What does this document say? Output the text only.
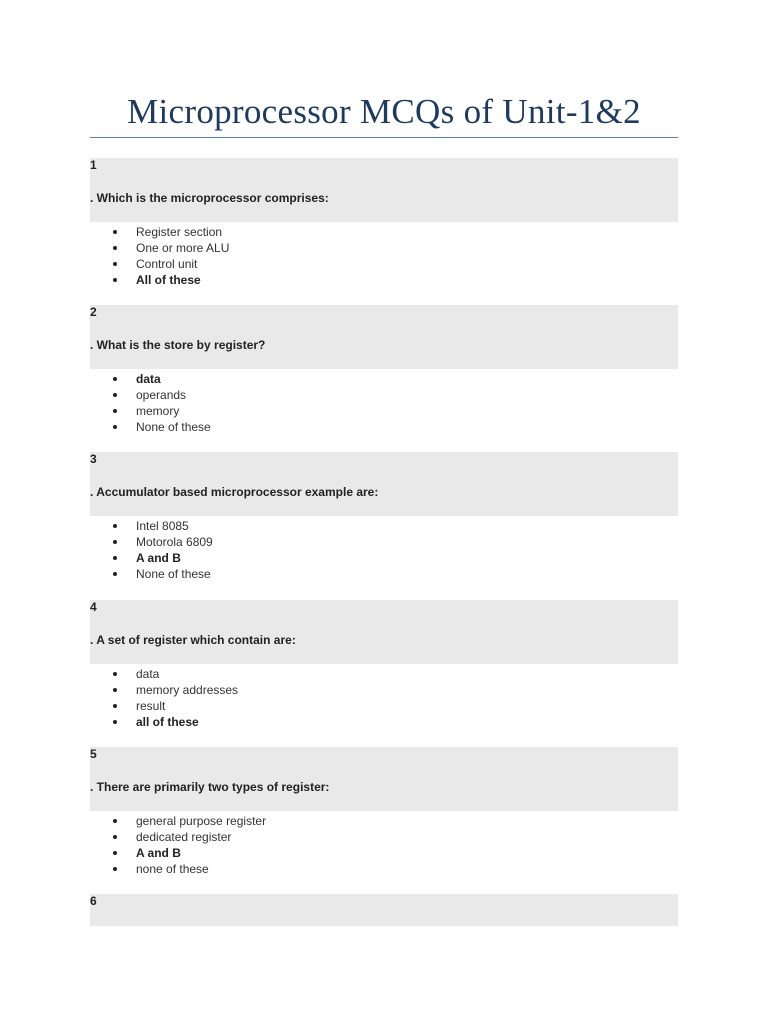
Microprocessor MCQs of Unit-1&2
1
. Which is the microprocessor comprises:
Register section
One or more ALU
Control unit
All of these
2
. What is the store by register?
data
operands
memory
None of these
3
. Accumulator based microprocessor example are:
Intel 8085
Motorola 6809
A and B
None of these
4
. A set of register which contain are:
data
memory addresses
result
all of these
5
. There are primarily two types of register:
general purpose register
dedicated register
A and B
none of these
6
